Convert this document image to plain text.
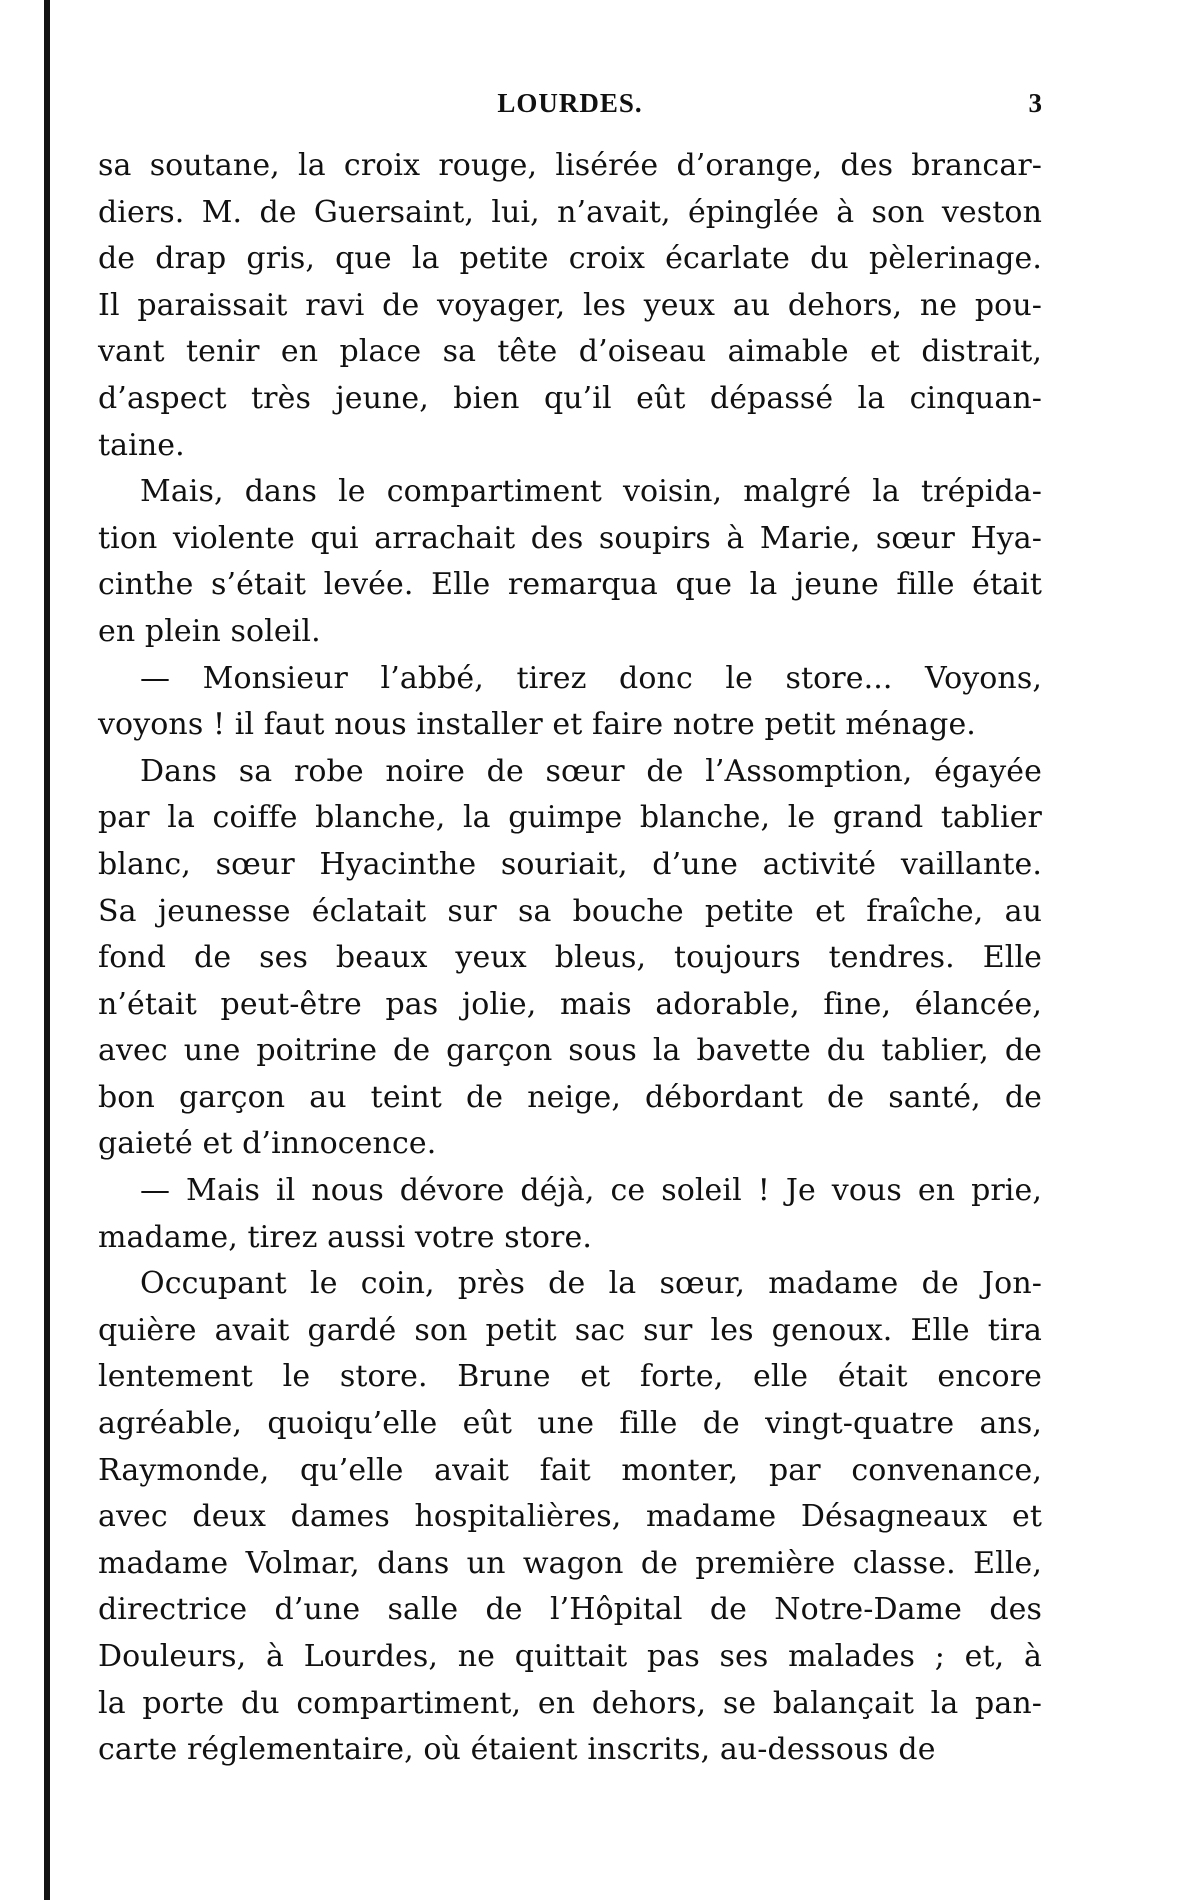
LOURDES.	3
sa soutane, la croix rouge, lisérée d’orange, des brancar-
diers. M. de Guersaint, lui, n’avait, épinglée à son veston
de drap gris, que la petite croix écarlate du pèlerinage.
Il paraissait ravi de voyager, les yeux au dehors, ne pou-
vant tenir en place sa tête d’oiseau aimable et distrait,
d’aspect très jeune, bien qu’il eût dépassé la cinquan-
taine.
Mais, dans le compartiment voisin, malgré la trépida-
tion violente qui arrachait des soupirs à Marie, sœur Hya-
cinthe s’était levée. Elle remarqua que la jeune fille était
en plein soleil.
— Monsieur l’abbé, tirez donc le store... Voyons,
voyons ! il faut nous installer et faire notre petit ménage.
Dans sa robe noire de sœur de l’Assomption, égayée
par la coiffe blanche, la guimpe blanche, le grand tablier
blanc, sœur Hyacinthe souriait, d’une activité vaillante.
Sa jeunesse éclatait sur sa bouche petite et fraîche, au
fond de ses beaux yeux bleus, toujours tendres. Elle
n’était peut-être pas jolie, mais adorable, fine, élancée,
avec une poitrine de garçon sous la bavette du tablier, de
bon garçon au teint de neige, débordant de santé, de
gaieté et d’innocence.
— Mais il nous dévore déjà, ce soleil ! Je vous en prie,
madame, tirez aussi votre store.
Occupant le coin, près de la sœur, madame de Jon-
quière avait gardé son petit sac sur les genoux. Elle tira
lentement le store. Brune et forte, elle était encore
agréable, quoiqu’elle eût une fille de vingt-quatre ans,
Raymonde, qu’elle avait fait monter, par convenance,
avec deux dames hospitalières, madame Désagneaux et
madame Volmar, dans un wagon de première classe. Elle,
directrice d’une salle de l’Hôpital de Notre-Dame des
Douleurs, à Lourdes, ne quittait pas ses malades ; et, à
la porte du compartiment, en dehors, se balançait la pan-
carte réglementaire, où étaient inscrits, au-dessous de
